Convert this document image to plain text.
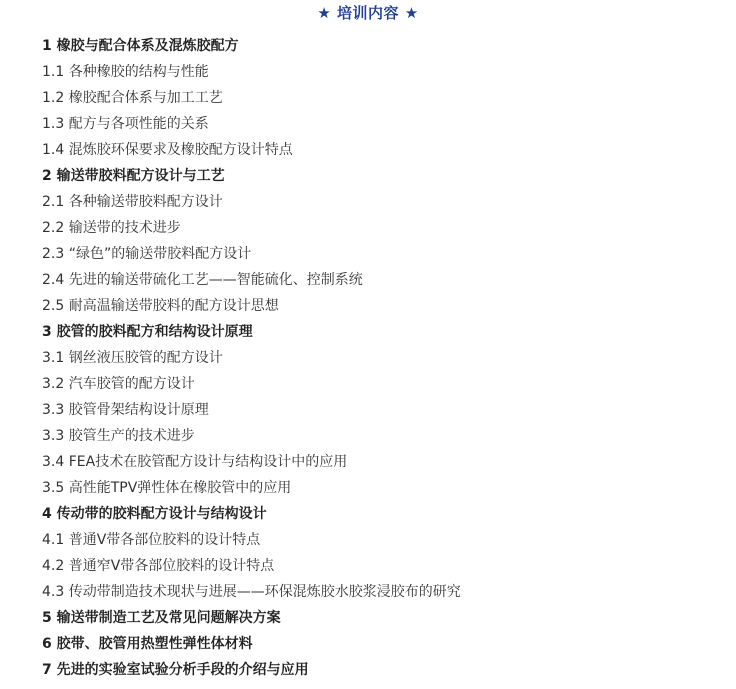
★ 培训内容 ★
1 橡胶与配合体系及混炼胶配方
1.1 各种橡胶的结构与性能
1.2 橡胶配合体系与加工工艺
1.3 配方与各项性能的关系
1.4 混炼胶环保要求及橡胶配方设计特点
2 输送带胶料配方设计与工艺
2.1 各种输送带胶料配方设计
2.2 输送带的技术进步
2.3 “绿色”的输送带胶料配方设计
2.4 先进的输送带硫化工艺——智能硫化、控制系统
2.5 耐高温输送带胶料的配方设计思想
3 胶管的胶料配方和结构设计原理
3.1 钢丝液压胶管的配方设计
3.2 汽车胶管的配方设计
3.3 胶管骨架结构设计原理
3.3 胶管生产的技术进步
3.4 FEA技术在胶管配方设计与结构设计中的应用
3.5 高性能TPV弹性体在橡胶管中的应用
4 传动带的胶料配方设计与结构设计
4.1 普通V带各部位胶料的设计特点
4.2 普通窄V带各部位胶料的设计特点
4.3 传动带制造技术现状与进展——环保混炼胶水胶浆浸胶布的研究
5 输送带制造工艺及常见问题解决方案
6 胶带、胶管用热塑性弹性体材料
7 先进的实验室试验分析手段的介绍与应用
